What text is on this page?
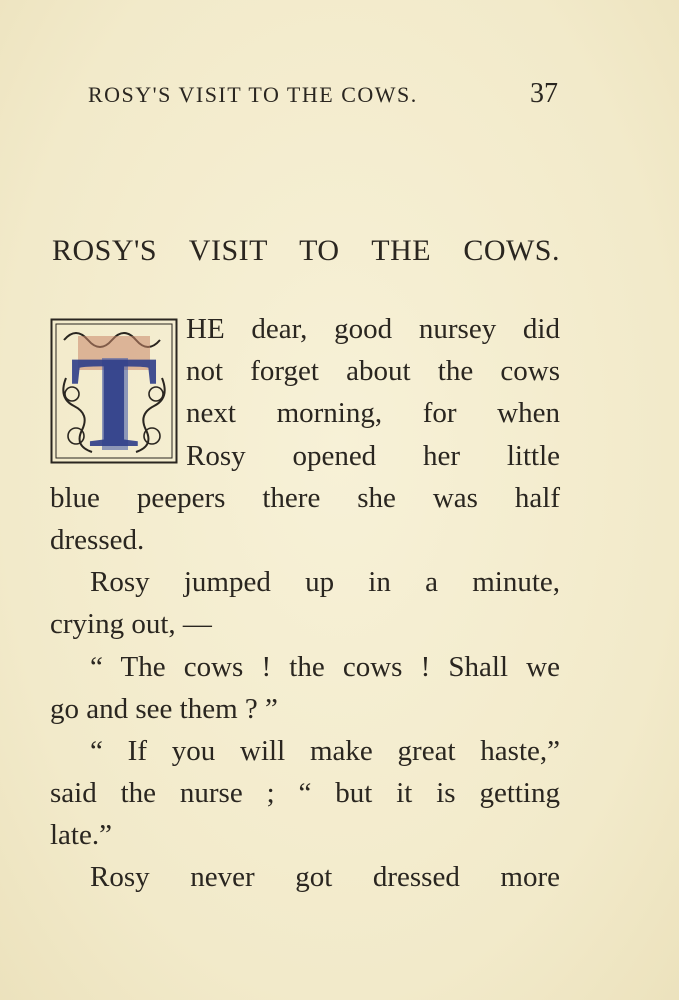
ROSY'S VISIT TO THE COWS.	37
ROSY'S VISIT TO THE COWS.
T HE dear, good nursey did
not forget about the cows
next morning, for when
Rosy opened her little
blue peepers there she was half
dressed.
Rosy jumped up in a minute,
crying out, —
“ The cows ! the cows ! Shall we
go and see them ? ”
“ If you will make great haste,”
said the nurse ; “ but it is getting
late.”
Rosy never got dressed more
